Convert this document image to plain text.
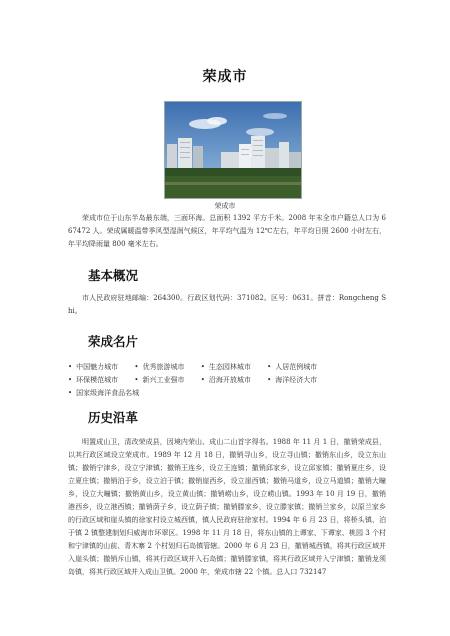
荣成市
荣成市

荣成市位于山东半岛最东端，三面环海。总面积 1392 平方千米。2008 年末全市户籍总人口为 667472 人。荣成属暖温带季风型湿润气候区，年平均气温为 12℃左右，年平均日照 2600 小时左右，年平均降雨量 800 毫米左右。

基本概况

市人民政府驻地邮编：264300。行政区划代码：371082。区号：0631。拼音：Rongcheng Shi。

荣成名片
• 中国魅力城市 • 优秀旅游城市 • 生态园林城市 • 人居范例城市 • 环保模范城市 • 新兴工业强市 • 沿海开放城市 • 海洋经济大市 • 国家级海洋食品名城
历史沿革

明置成山卫，清改荣成县，因境内荣山、成山二山首字得名。1988 年 11 月 1 日，撤销荣成县，以其行政区域设立荣成市。1989 年 12 月 18 日，撤销寻山乡，设立寻山镇；撤销东山乡，设立东山镇；撤销宁津乡，设立宁津镇；撤销王连乡，设立王连镇；撤销邱家乡，设立邱家镇；撤销夏庄乡，设立夏庄镇；撤销泊于乡，设立泊于镇；撤销崖西乡，设立崖西镇；撤销马道乡，设立马道镇；撤销大疃乡，设立大疃镇；撤销黄山乡，设立黄山镇；撤销崂山乡，设立崂山镇。1993 年 10 月 19 日，撤销港西乡，设立港西镇；撤销荫子乡，设立荫子镇；撤销滕家乡，设立滕家镇；撤销兰家乡，以原兰家乡的行政区域和崖头镇的徐家村设立城西镇，镇人民政府驻徐家村。1994 年 6 月 23 日，将桥头镇、泊于镇 2 镇整建制划归威海市环翠区。1998 年 11 月 18 日，将东山镇的上谭家、下谭家、桃园 3 个村和宁津镇的山前、青木寨 2 个村划归石岛镇管辖。2000 年 6 月 23 日，撤销城西镇，将其行政区域并入崖头镇；撤销斥山镇，将其行政区域并入石岛镇；撤销滕家镇，将其行政区域并入宁津镇；撤销龙须岛镇，将其行政区域并入成山卫镇。2000 年，荣成市辖 22 个镇。总人口 732147
